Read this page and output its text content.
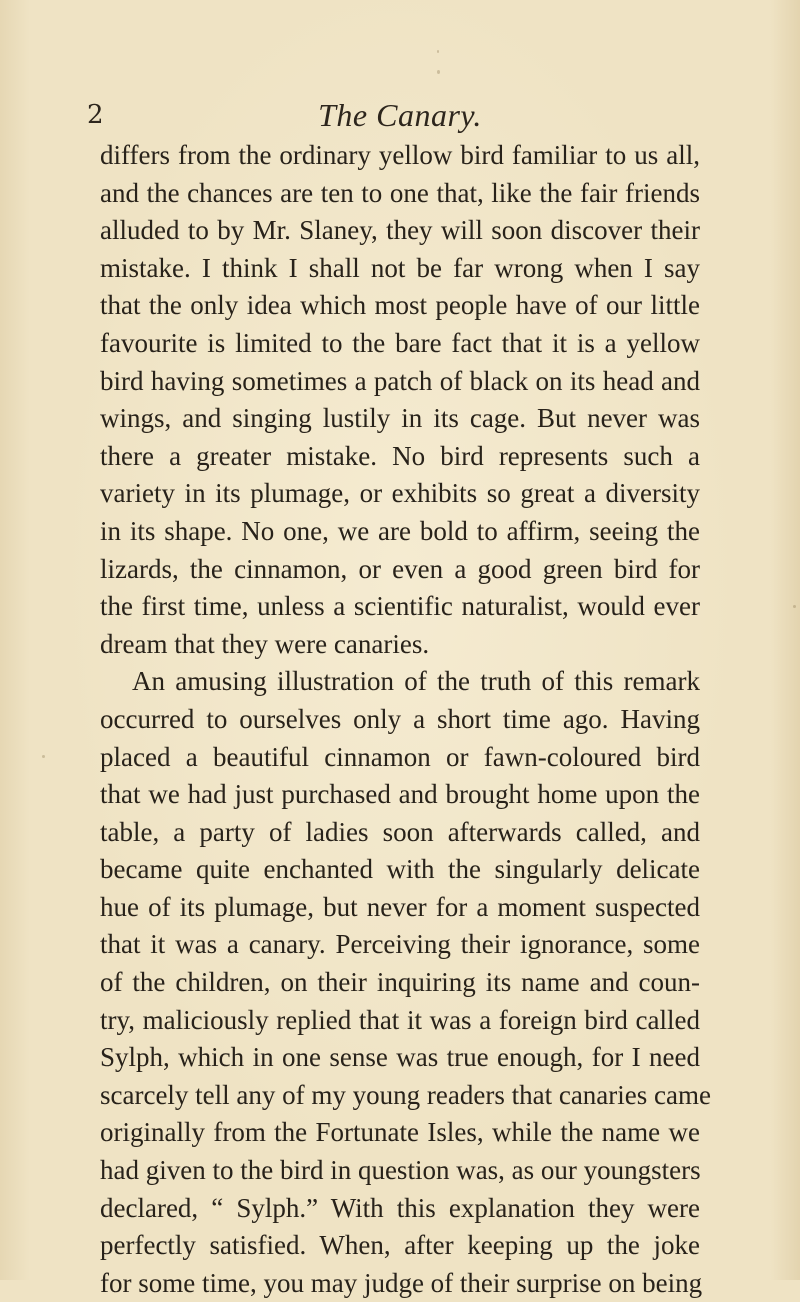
2	The Canary.
differs from the ordinary yellow bird familiar to us all,
and the chances are ten to one that, like the fair friends
alluded to by Mr. Slaney, they will soon discover their
mistake. I think I shall not be far wrong when I say
that the only idea which most people have of our little
favourite is limited to the bare fact that it is a yellow
bird having sometimes a patch of black on its head and
wings, and singing lustily in its cage. But never was
there a greater mistake. No bird represents such a
variety in its plumage, or exhibits so great a diversity
in its shape. No one, we are bold to affirm, seeing the
lizards, the cinnamon, or even a good green bird for
the first time, unless a scientific naturalist, would ever
dream that they were canaries.
An amusing illustration of the truth of this remark
occurred to ourselves only a short time ago. Having
placed a beautiful cinnamon or fawn-coloured bird
that we had just purchased and brought home upon the
table, a party of ladies soon afterwards called, and
became quite enchanted with the singularly delicate
hue of its plumage, but never for a moment suspected
that it was a canary. Perceiving their ignorance, some
of the children, on their inquiring its name and coun-
try, maliciously replied that it was a foreign bird called
Sylph, which in one sense was true enough, for I need
scarcely tell any of my young readers that canaries came
originally from the Fortunate Isles, while the name we
had given to the bird in question was, as our youngsters
declared, “ Sylph.” With this explanation they were
perfectly satisfied. When, after keeping up the joke
for some time, you may judge of their surprise on being
